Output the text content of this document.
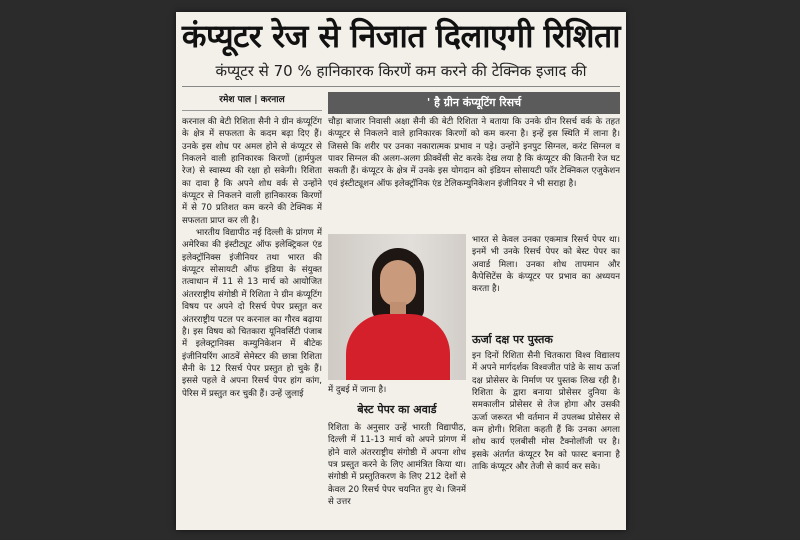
कंप्यूटर रेज से निजात दिलाएगी रिशिता
कंप्यूटर से 70 % हानिकारक किरणें कम करने की टेक्निक इजाद की
रमेश पाल | करनाल	' है ग्रीन कंप्यूटिंग रिसर्च

करनाल की बेटी रिशिता सैनी ने ग्रीन कंप्यूटिंग के क्षेत्र में सफलता के कदम बढ़ा दिए हैं। उनके इस शोध पर अमल होने से कंप्यूटर से निकलने वाली हानिकारक किरणों (हार्मफुल रेज) से स्वास्थ्य की रक्षा हो सकेगी। रिशिता का दावा है कि अपने शोध वर्क से उन्होंने कंप्यूटर से निकलने वाली हानिकारक किरणों में से 70 प्रतिशत कम करने की टेक्निक में सफलता प्राप्त कर ली है।

भारतीय विद्यापीठ नई दिल्ली के प्रांगण में अमेरिका की इंस्टीट्यूट ऑफ इलेक्ट्रिकल एंड इलेक्ट्रॉनिक्स इंजीनियर तथा भारत की कंप्यूटर सोसायटी ऑफ इंडिया के संयुक्त तत्वाधान में 11 से 13 मार्च को आयोजित अंतरराष्ट्रीय संगोष्ठी में रिशिता ने ग्रीन कंप्यूटिंग विषय पर अपने दो रिसर्च पेपर प्रस्तुत कर अंतरराष्ट्रीय पटल पर करनाल का गौरव बढ़ाया है। इस विषय को चितकारा यूनिवर्सिटी पंजाब में इलेक्ट्रानिक्स कम्युनिकेशन में बीटेक इंजीनियरिंग आठवें सेमेस्टर की छात्रा रिशिता सैनी के 12 रिसर्च पेपर प्रस्तुत हो चुके हैं। इससे पहले वे अपना रिसर्च पेपर हांग कांग, पेरिस में प्रस्तुत कर चुकी हैं। उन्हें जुलाई

चौड़ा बाजार निवासी अक्षा सैनी की बेटी रिशिता ने बताया कि उनके ग्रीन रिसर्च वर्क के तहत कंप्यूटर से निकलने वाले हानिकारक किरणों को कम करना है। इन्हें इस स्थिति में लाना है। जिससे कि शरीर पर उनका नकारात्मक प्रभाव न पड़े। उन्होंने इनपुट सिग्नल, करंट सिग्नल व पावर सिग्नल की अलग-अलग फ्रीक्वेंसी सेट करके देख लया है कि कंप्यूटर की कितनी रेज घट सकती हैं। कंप्यूटर के क्षेत्र में उनके इस योगदान को इंडियन सोसायटी फॉर टेक्निकल एजुकेशन एवं इंस्टीट्यूशन ऑफ इलेक्ट्रॉनिक एंड टेलिकम्युनिकेशन इंजीनियर ने भी सराहा है।

में दुबई में जाना है।
बेस्ट पेपर का अवार्ड

रिशिता के अनुसार उन्हें भारती विद्यापीठ, दिल्ली में 11-13 मार्च को अपने प्रांगण में होने वाले अंतरराष्ट्रीय संगोष्ठी में अपना शोध पत्र प्रस्तुत करने के लिए आमंत्रित किया था। संगोष्ठी में प्रस्तुतिकरण के लिए 212 देशों से केवल 20 रिसर्च पेपर चयनित हुए थे। जिनमें से उत्तर

भारत से केवल उनका एकमात्र रिसर्च पेपर था। इनमें भी उनके रिसर्च पेपर को बेस्ट पेपर का अवार्ड मिला। उनका शोध तापमान और कैपेसिटेंस के कंप्यूटर पर प्रभाव का अध्ययन करता है।

ऊर्जा दक्ष पर पुस्तक

इन दिनों रिशिता सैनी चितकारा विश्व विद्यालय में अपने मार्गदर्शक विश्वजीत पांडे के साथ ऊर्जा दक्ष प्रोसेसर के निर्माण पर पुस्तक लिख रही है। रिशिता के द्वारा बनाया प्रोसेसर दुनिया के समकालीन प्रोसेसर से तेज होगा और उसकी ऊर्जा जरूरत भी वर्तमान में उपलब्ध प्रोसेसर से कम होगी। रिशिता कहती हैं कि उनका अगला शोध कार्य एलबीसी मोस टैक्नोलॉजी पर है। इसके अंतर्गत कंप्यूटर रैम को फास्ट बनाना है ताकि कंप्यूटर और तेजी से कार्य कर सके।
